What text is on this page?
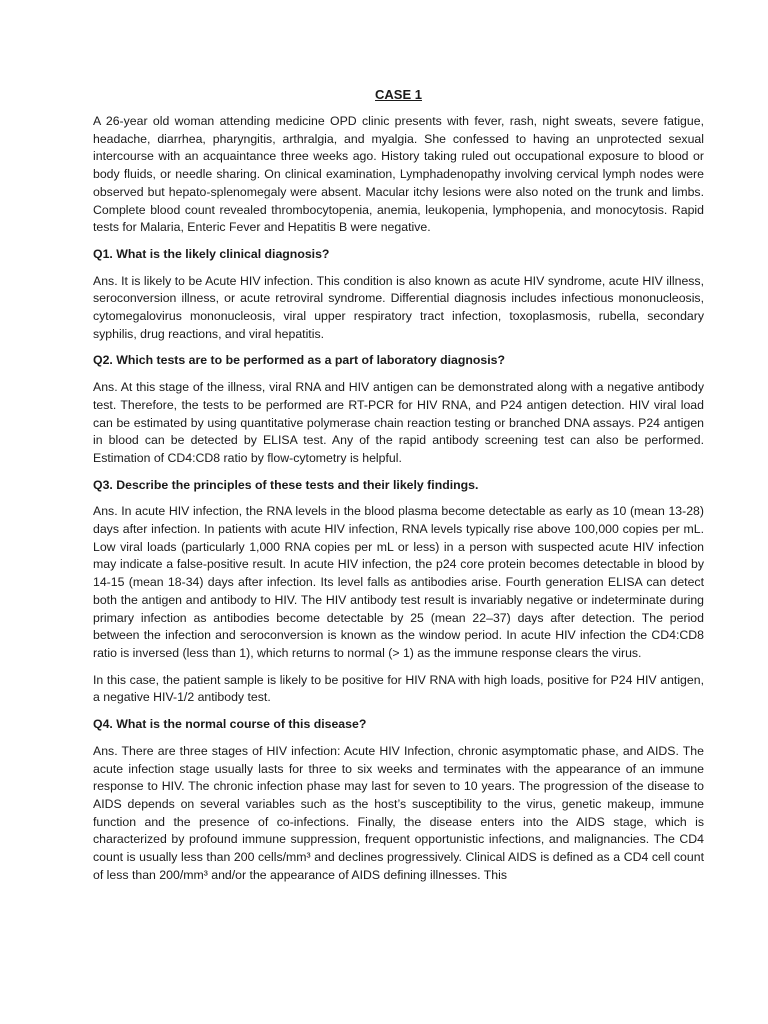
CASE 1

A 26-year old woman attending medicine OPD clinic presents with fever, rash, night sweats, severe fatigue, headache, diarrhea, pharyngitis, arthralgia, and myalgia. She confessed to having an unprotected sexual intercourse with an acquaintance three weeks ago. History taking ruled out occupational exposure to blood or body fluids, or needle sharing. On clinical examination, Lymphadenopathy involving cervical lymph nodes were observed but hepato-splenomegaly were absent. Macular itchy lesions were also noted on the trunk and limbs. Complete blood count revealed thrombocytopenia, anemia, leukopenia, lymphopenia, and monocytosis. Rapid tests for Malaria, Enteric Fever and Hepatitis B were negative.

Q1. What is the likely clinical diagnosis?

Ans. It is likely to be Acute HIV infection. This condition is also known as acute HIV syndrome, acute HIV illness, seroconversion illness, or acute retroviral syndrome. Differential diagnosis includes infectious mononucleosis, cytomegalovirus mononucleosis, viral upper respiratory tract infection, toxoplasmosis, rubella, secondary syphilis, drug reactions, and viral hepatitis.

Q2. Which tests are to be performed as a part of laboratory diagnosis?

Ans. At this stage of the illness, viral RNA and HIV antigen can be demonstrated along with a negative antibody test. Therefore, the tests to be performed are RT-PCR for HIV RNA, and P24 antigen detection. HIV viral load can be estimated by using quantitative polymerase chain reaction testing or branched DNA assays. P24 antigen in blood can be detected by ELISA test. Any of the rapid antibody screening test can also be performed. Estimation of CD4:CD8 ratio by flow-cytometry is helpful.

Q3. Describe the principles of these tests and their likely findings.

Ans. In acute HIV infection, the RNA levels in the blood plasma become detectable as early as 10 (mean 13-28) days after infection. In patients with acute HIV infection, RNA levels typically rise above 100,000 copies per mL. Low viral loads (particularly 1,000 RNA copies per mL or less) in a person with suspected acute HIV infection may indicate a false-positive result. In acute HIV infection, the p24 core protein becomes detectable in blood by 14-15 (mean 18-34) days after infection. Its level falls as antibodies arise. Fourth generation ELISA can detect both the antigen and antibody to HIV. The HIV antibody test result is invariably negative or indeterminate during primary infection as antibodies become detectable by 25 (mean 22–37) days after detection. The period between the infection and seroconversion is known as the window period. In acute HIV infection the CD4:CD8 ratio is inversed (less than 1), which returns to normal (> 1) as the immune response clears the virus.

In this case, the patient sample is likely to be positive for HIV RNA with high loads, positive for P24 HIV antigen, a negative HIV-1/2 antibody test.

Q4. What is the normal course of this disease?

Ans. There are three stages of HIV infection: Acute HIV Infection, chronic asymptomatic phase, and AIDS. The acute infection stage usually lasts for three to six weeks and terminates with the appearance of an immune response to HIV. The chronic infection phase may last for seven to 10 years. The progression of the disease to AIDS depends on several variables such as the host’s susceptibility to the virus, genetic makeup, immune function and the presence of co-infections. Finally, the disease enters into the AIDS stage, which is characterized by profound immune suppression, frequent opportunistic infections, and malignancies. The CD4 count is usually less than 200 cells/mm³ and declines progressively. Clinical AIDS is defined as a CD4 cell count of less than 200/mm³ and/or the appearance of AIDS defining illnesses. This
